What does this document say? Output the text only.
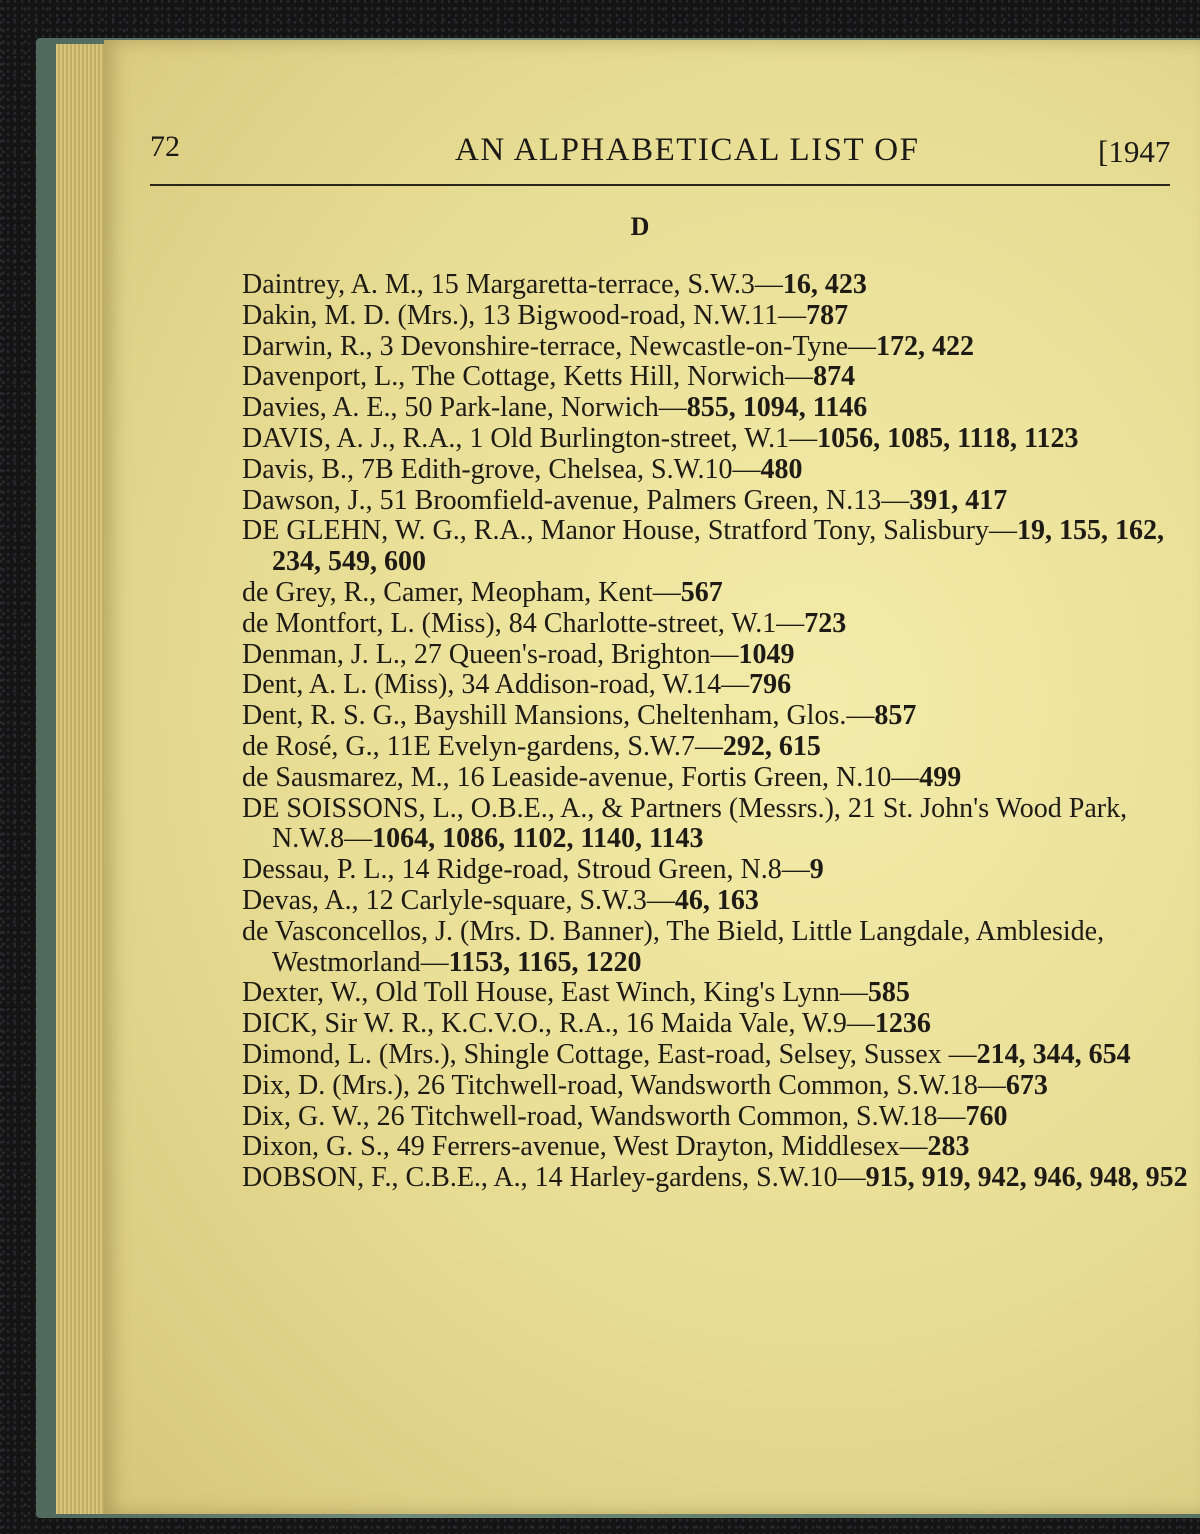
72	AN ALPHABETICAL LIST OF	[1947
D
Daintrey, A. M., 15 Margaretta-terrace, S.W.3—16, 423
Dakin, M. D. (Mrs.), 13 Bigwood-road, N.W.11—787
Darwin, R., 3 Devonshire-terrace, Newcastle-on-Tyne—172, 422
Davenport, L., The Cottage, Ketts Hill, Norwich—874
Davies, A. E., 50 Park-lane, Norwich—855, 1094, 1146
DAVIS, A. J., R.A., 1 Old Burlington-street, W.1—1056, 1085, 1118, 1123
Davis, B., 7B Edith-grove, Chelsea, S.W.10—480
Dawson, J., 51 Broomfield-avenue, Palmers Green, N.13—391, 417
DE GLEHN, W. G., R.A., Manor House, Stratford Tony, Salisbury—19, 155, 162, 234, 549, 600
de Grey, R., Camer, Meopham, Kent—567
de Montfort, L. (Miss), 84 Charlotte-street, W.1—723
Denman, J. L., 27 Queen's-road, Brighton—1049
Dent, A. L. (Miss), 34 Addison-road, W.14—796
Dent, R. S. G., Bayshill Mansions, Cheltenham, Glos.—857
de Rosé, G., 11E Evelyn-gardens, S.W.7—292, 615
de Sausmarez, M., 16 Leaside-avenue, Fortis Green, N.10—499
DE SOISSONS, L., O.B.E., A., & Partners (Messrs.), 21 St. John's Wood Park, N.W.8—1064, 1086, 1102, 1140, 1143
Dessau, P. L., 14 Ridge-road, Stroud Green, N.8—9
Devas, A., 12 Carlyle-square, S.W.3—46, 163
de Vasconcellos, J. (Mrs. D. Banner), The Bield, Little Langdale, Ambleside, Westmorland—1153, 1165, 1220
Dexter, W., Old Toll House, East Winch, King's Lynn—585
DICK, Sir W. R., K.C.V.O., R.A., 16 Maida Vale, W.9—1236
Dimond, L. (Mrs.), Shingle Cottage, East-road, Selsey, Sussex —214, 344, 654
Dix, D. (Mrs.), 26 Titchwell-road, Wandsworth Common, S.W.18—673
Dix, G. W., 26 Titchwell-road, Wandsworth Common, S.W.18—760
Dixon, G. S., 49 Ferrers-avenue, West Drayton, Middlesex—283
DOBSON, F., C.B.E., A., 14 Harley-gardens, S.W.10—915, 919, 942, 946, 948, 952
